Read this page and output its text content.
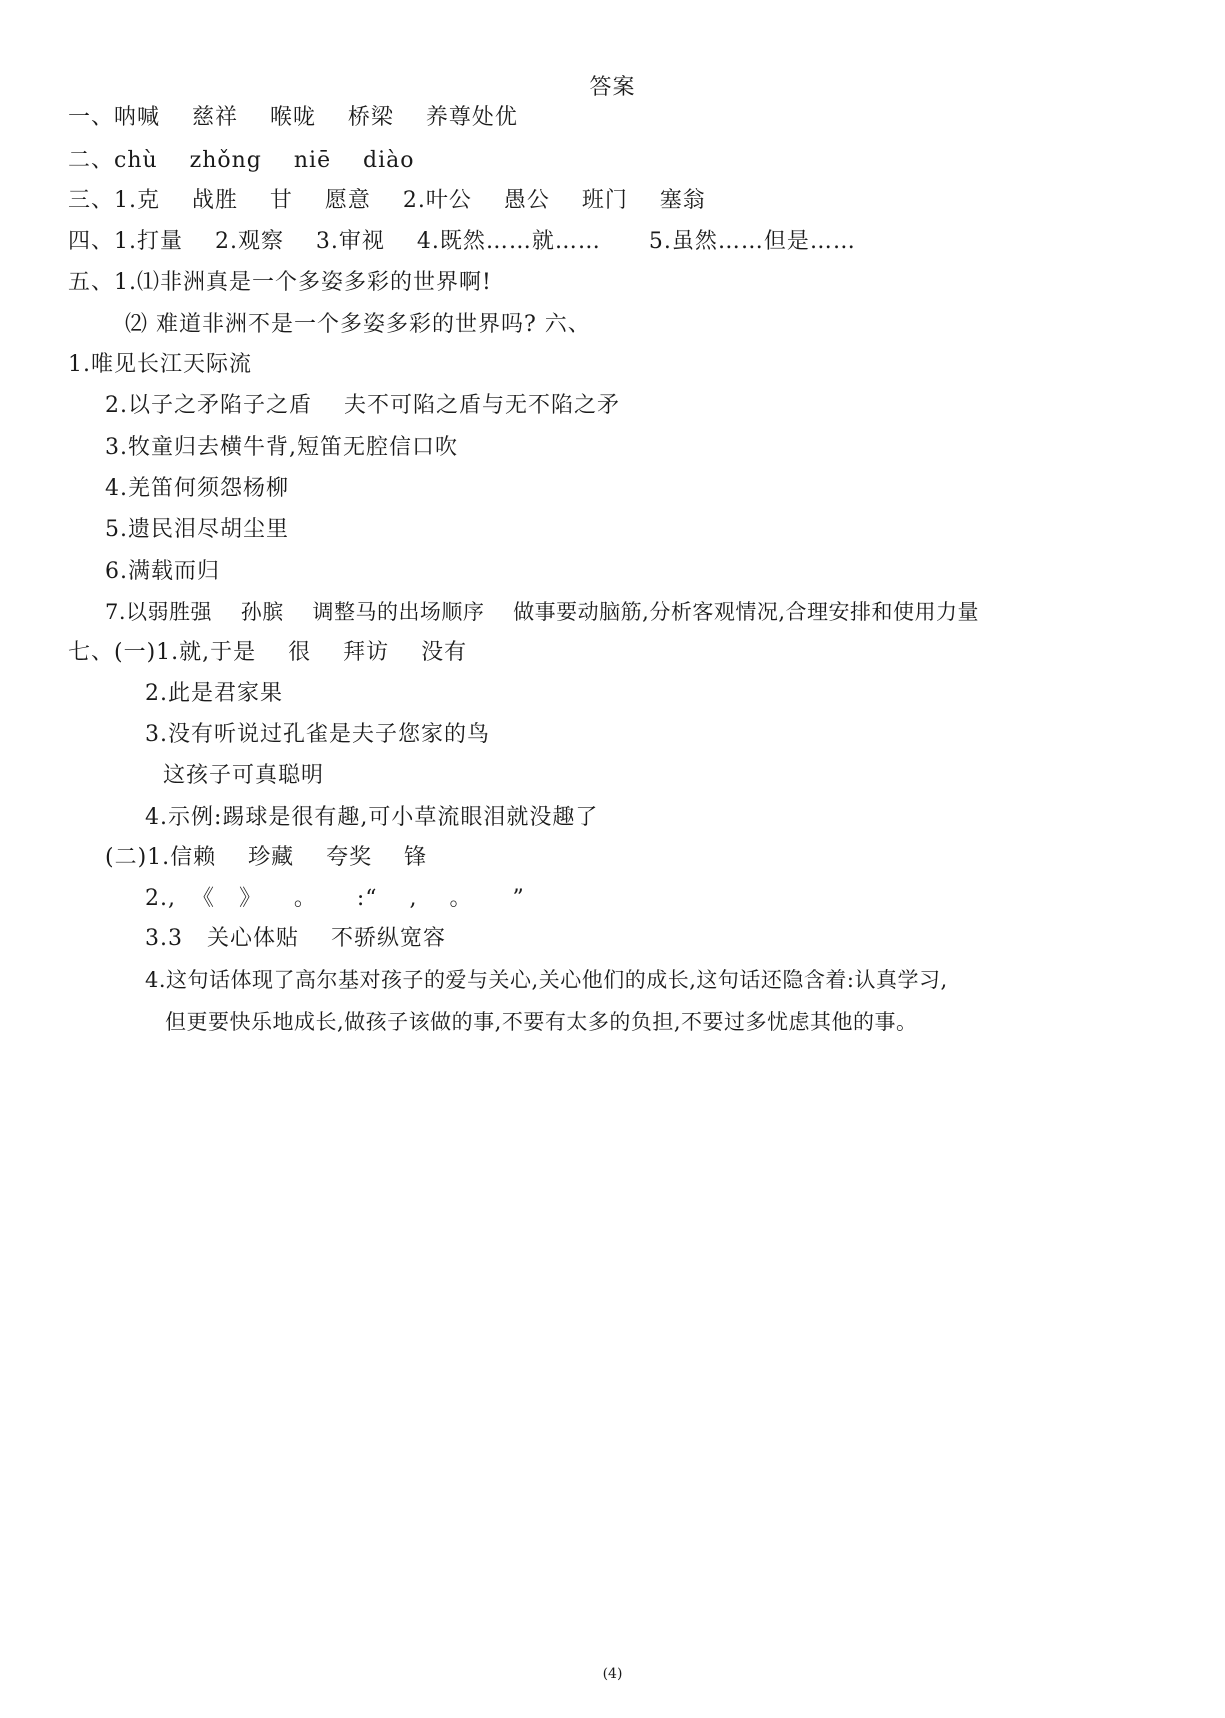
答案
一、呐喊    慈祥    喉咙    桥梁    养尊处优
二、chù    zhǒng    niē    diào
三、1.克    战胜    甘    愿意    2.叶公    愚公    班门    塞翁
四、1.打量    2.观察    3.审视    4.既然……就……      5.虽然……但是……
五、1.⑴非洲真是一个多姿多彩的世界啊!
⑵ 难道非洲不是一个多姿多彩的世界吗? 六、
1.唯见长江天际流
2.以子之矛陷子之盾    夫不可陷之盾与无不陷之矛
3.牧童归去横牛背,短笛无腔信口吹
4.羌笛何须怨杨柳
5.遗民泪尽胡尘里
6.满载而归
7.以弱胜强    孙膑    调整马的出场顺序    做事要动脑筋,分析客观情况,合理安排和使用力量
七、(一)1.就,于是    很    拜访    没有
2.此是君家果
3.没有听说过孔雀是夫子您家的鸟
这孩子可真聪明
4.示例:踢球是很有趣,可小草流眼泪就没趣了
(二)1.信赖    珍藏    夸奖    锋
2.,  《   》    。     :“    ,    。     ”
3.3   关心体贴    不骄纵宽容
4.这句话体现了高尔基对孩子的爱与关心,关心他们的成长,这句话还隐含着:认真学习,
但更要快乐地成长,做孩子该做的事,不要有太多的负担,不要过多忧虑其他的事。
(4)
